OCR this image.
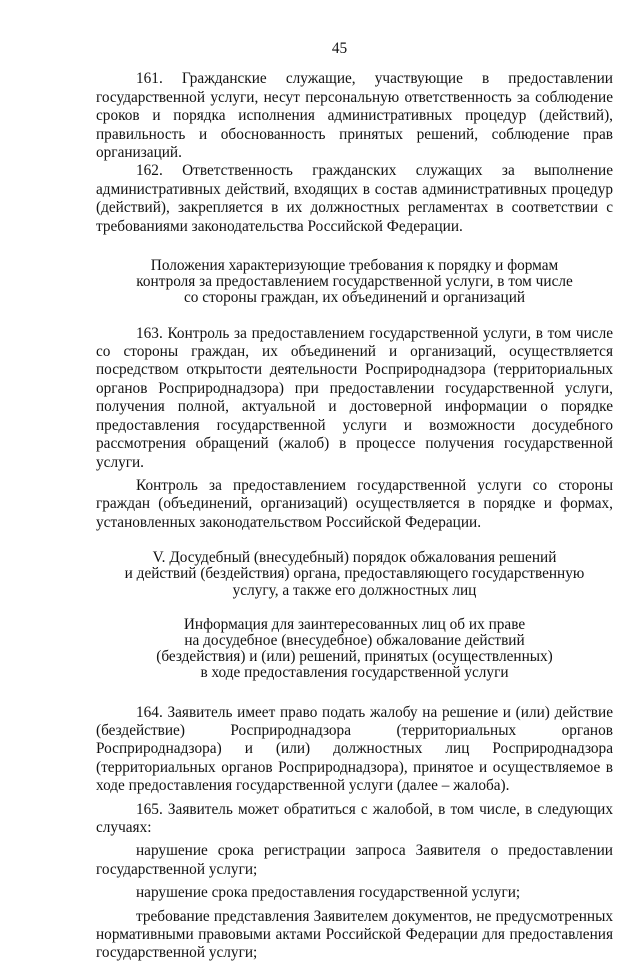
45

161. Гражданские служащие, участвующие в предоставлении государственной услуги, несут персональную ответственность за соблюдение сроков и порядка исполнения административных процедур (действий), правильность и обоснованность принятых решений, соблюдение прав организаций.

162. Ответственность гражданских служащих за выполнение административных действий, входящих в состав административных процедур (действий), закрепляется в их должностных регламентах в соответствии с требованиями законодательства Российской Федерации.

Положения характеризующие требования к порядку и формам
контроля за предоставлением государственной услуги, в том числе
со стороны граждан, их объединений и организаций

163. Контроль за предоставлением государственной услуги, в том числе со стороны граждан, их объединений и организаций, осуществляется посредством открытости деятельности Росприроднадзора (территориальных органов Росприроднадзора) при предоставлении государственной услуги, получения полной, актуальной и достоверной информации о порядке предоставления государственной услуги и возможности досудебного рассмотрения обращений (жалоб) в процессе получения государственной услуги.

Контроль за предоставлением государственной услуги со стороны граждан (объединений, организаций) осуществляется в порядке и формах, установленных законодательством Российской Федерации.

V. Досудебный (внесудебный) порядок обжалования решений
и действий (бездействия) органа, предоставляющего государственную
услугу, а также его должностных лиц
Информация для заинтересованных лиц об их праве
на досудебное (внесудебное) обжалование действий
(бездействия) и (или) решений, принятых (осуществленных)
в ходе предоставления государственной услуги

164. Заявитель имеет право подать жалобу на решение и (или) действие (бездействие) Росприроднадзора (территориальных органов Росприроднадзора) и (или) должностных лиц Росприроднадзора (территориальных органов Росприроднадзора), принятое и осуществляемое в ходе предоставления государственной услуги (далее – жалоба).

165. Заявитель может обратиться с жалобой, в том числе, в следующих случаях:

нарушение срока регистрации запроса Заявителя о предоставлении государственной услуги;

нарушение срока предоставления государственной услуги;

требование представления Заявителем документов, не предусмотренных нормативными правовыми актами Российской Федерации для предоставления государственной услуги;
